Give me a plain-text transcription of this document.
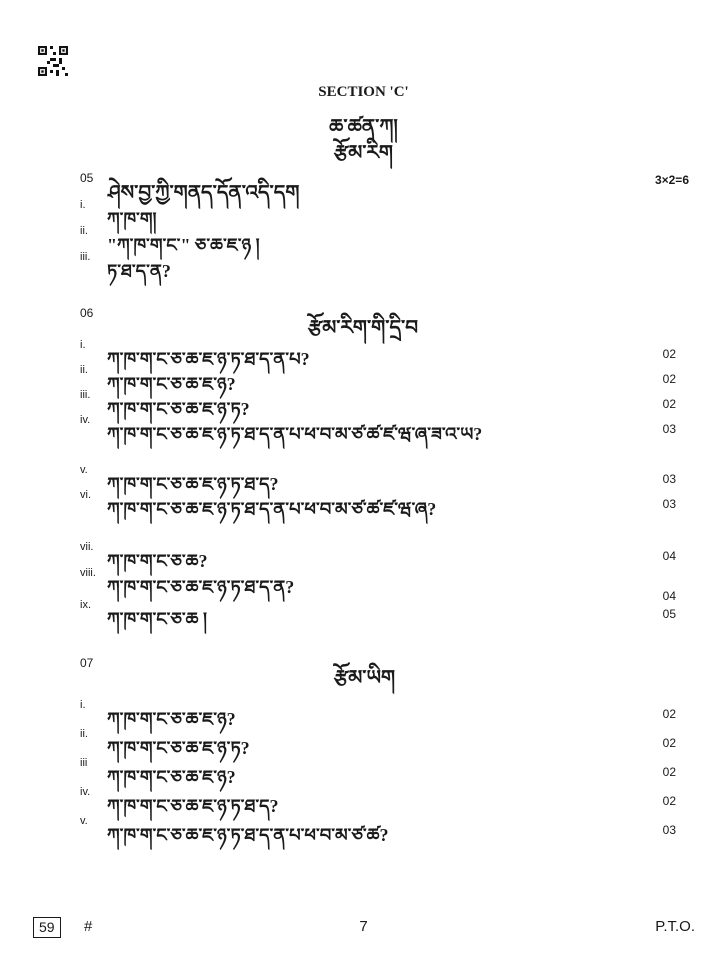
SECTION 'C'
ཆ་ཚན་ཀ།
རྩོམ་རིག
05
ཤེས་བྱ་ཀྱི་གནད་དོན་འདི་དག
3×2=6
i.
ཀ་ཁ་ག།
ii.
"ཀ་ཁ་ག་ང་" ཅ་ཆ་ཇ་ཉ །
iii.
ཏ་ཐ་ད་ན?
06
རྩོམ་རིག་གི་དྲི་བ
i.
ཀ་ཁ་ག་ང་ཅ་ཆ་ཇ་ཉ་ཏ་ཐ་ད་ན་པ?	02
ii.
ཀ་ཁ་ག་ང་ཅ་ཆ་ཇ་ཉ?	02
iii.
ཀ་ཁ་ག་ང་ཅ་ཆ་ཇ་ཉ་ཏ?	02
iv.
ཀ་ཁ་ག་ང་ཅ་ཆ་ཇ་ཉ་ཏ་ཐ་ད་ན་པ་ཕ་བ་མ་ཙ་ཚ་ཛ་ཝ་ཞ་ཟ་འ་ཡ?	03
v.
ཀ་ཁ་ག་ང་ཅ་ཆ་ཇ་ཉ་ཏ་ཐ་ད?	03
vi.
ཀ་ཁ་ག་ང་ཅ་ཆ་ཇ་ཉ་ཏ་ཐ་ད་ན་པ་ཕ་བ་མ་ཙ་ཚ་ཛ་ཝ་ཞ?	03
vii.
ཀ་ཁ་ག་ང་ཅ་ཆ?	04
viii.
ཀ་ཁ་ག་ང་ཅ་ཆ་ཇ་ཉ་ཏ་ཐ་ད་ན?	04
ix.
ཀ་ཁ་ག་ང་ཅ་ཆ །	05
07
རྩོམ་ཡིག
i.
ཀ་ཁ་ག་ང་ཅ་ཆ་ཇ་ཉ?	02
ii.
ཀ་ཁ་ག་ང་ཅ་ཆ་ཇ་ཉ་ཏ?	02
iii
ཀ་ཁ་ག་ང་ཅ་ཆ་ཇ་ཉ?	02
iv.
ཀ་ཁ་ག་ང་ཅ་ཆ་ཇ་ཉ་ཏ་ཐ་ད?	02
v.
ཀ་ཁ་ག་ང་ཅ་ཆ་ཇ་ཉ་ཏ་ཐ་ད་ན་པ་ཕ་བ་མ་ཙ་ཚ?	03
59	#	7	P.T.O.
